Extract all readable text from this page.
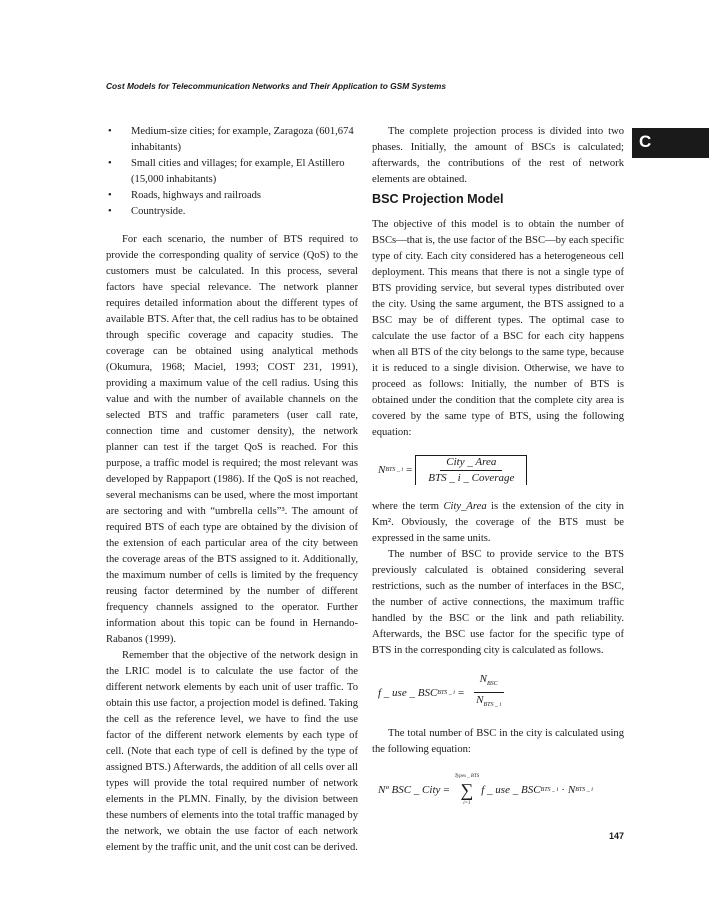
Cost Models for Telecommunication Networks and Their Application to GSM Systems
C
• Medium-size cities; for example, Zaragoza (601,674 inhabitants)
• Small cities and villages; for example, El Astillero (15,000 inhabitants)
• Roads, highways and railroads
• Countryside.

For each scenario, the number of BTS required to provide the corresponding quality of service (QoS) to the customers must be calculated. In this process, several factors have special relevance. The network planner requires detailed information about the different types of available BTS. After that, the cell radius has to be obtained through specific coverage and capacity studies. The coverage can be obtained using analytical methods (Okumura, 1968; Maciel, 1993; COST 231, 1991), providing a maximum value of the cell radius. Using this value and with the number of available channels on the selected BTS and traffic parameters (user call rate, connection time and customer density), the network planner can test if the target QoS is reached. For this purpose, a traffic model is required; the most relevant was developed by Rappaport (1986). If the QoS is not reached, several mechanisms can be used, where the most important are sectoring and with “umbrella cells”³. The amount of required BTS of each type are obtained by the division of the extension of each particular area of the city between the coverage areas of the BTS assigned to it. Additionally, the maximum number of cells is limited by the frequency reusing factor determined by the number of different frequency channels assigned to the operator. Further information about this topic can be found in Hernando-Rabanos (1999).

Remember that the objective of the network design in the LRIC model is to calculate the use factor of the different network elements by each unit of user traffic. To obtain this use factor, a projection model is defined. Taking the cell as the reference level, we have to find the use factor of the different network elements by each type of cell. (Note that each type of cell is defined by the type of assigned BTS.) Afterwards, the addition of all cells over all types will provide the total required number of network elements in the PLMN. Finally, by the division between these numbers of elements into the total traffic managed by the network, we obtain the use factor of each network element by the traffic unit, and the unit cost can be derived.

The complete projection process is divided into two phases. Initially, the amount of BSCs is calculated; afterwards, the contributions of the rest of network elements are obtained.

BSC Projection Model

The objective of this model is to obtain the number of BSCs—that is, the use factor of the BSC—by each specific type of city. Each city considered has a heterogeneous cell deployment. This means that there is not a single type of BTS providing service, but several types distributed over the city. Using the same argument, the BTS assigned to a BSC may be of different types. The optimal case to calculate the use factor of a BSC for each city happens when all BTS of the city belongs to the same type, because it is reduced to a single division. Otherwise, we have to proceed as follows: Initially, the number of BTS is obtained under the condition that the complete city area is covered by the same type of BTS, using the following equation:

N BTS _ $i = \frac{\text{City \_ Area}}{\text{BTS \_ i \_ Coverage}}$

where the term City_Area is the extension of the city in Km². Obviously, the coverage of the BTS must be expressed in the same units.

The number of BSC to provide service to the BTS previously calculated is obtained considering several restrictions, such as the number of interfaces in the BSC, the number of active connections, the maximum traffic handled by the BSC or the link and path reliability. Afterwards, the BSC use factor for the specific type of BTS in the corresponding city is calculated as follows.

f _ use _ BSC BTS _ $i = \frac{N_{BSC}}{N_{BTS \_ i}}$

The total number of BSC in the city is calculated using the following equation:

Nº BSC _ City =
Types _ BTS
∑
i=1
f _ use _ BSC BTS _ i · N BTS _ i
147
